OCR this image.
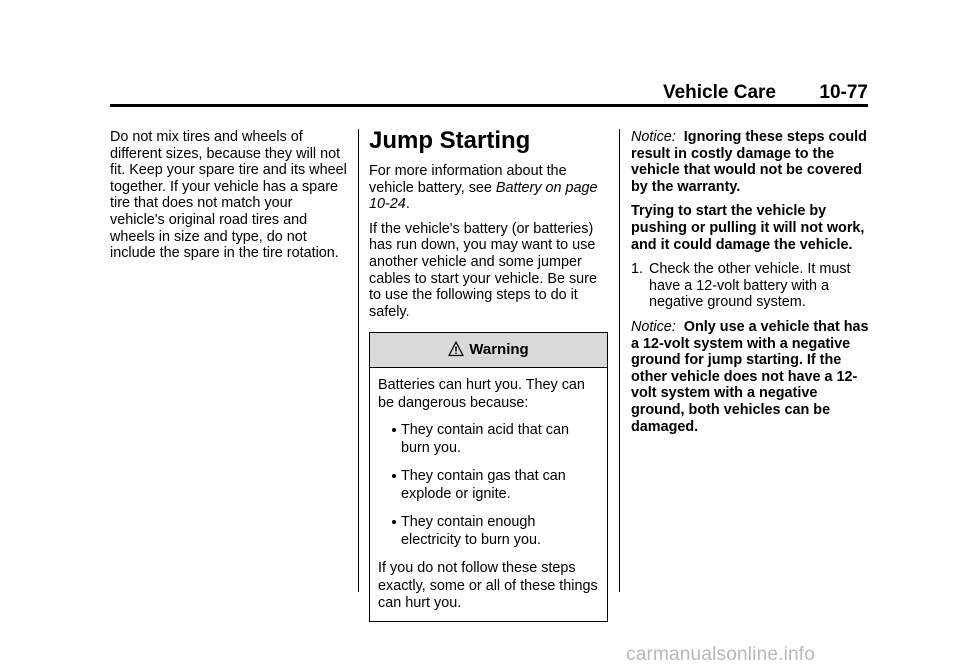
Vehicle Care 10-77

Do not mix tires and wheels of different sizes, because they will not fit. Keep your spare tire and its wheel together. If your vehicle has a spare tire that does not match your vehicle's original road tires and wheels in size and type, do not include the spare in the tire rotation.

Jump Starting

For more information about the vehicle battery, see Battery on page 10-24.

If the vehicle's battery (or batteries) has run down, you may want to use another vehicle and some jumper cables to start your vehicle. Be sure to use the following steps to do it safely.

Warning

Batteries can hurt you. They can be dangerous because:

They contain acid that can burn you.
They contain gas that can explode or ignite.
They contain enough electricity to burn you.

If you do not follow these steps exactly, some or all of these things can hurt you.

Notice: Ignoring these steps could result in costly damage to the vehicle that would not be covered by the warranty.

Trying to start the vehicle by pushing or pulling it will not work, and it could damage the vehicle.

1. Check the other vehicle. It must have a 12-volt battery with a negative ground system.

Notice: Only use a vehicle that has a 12-volt system with a negative ground for jump starting. If the other vehicle does not have a 12-volt system with a negative ground, both vehicles can be damaged.

carmanualsonline.info
